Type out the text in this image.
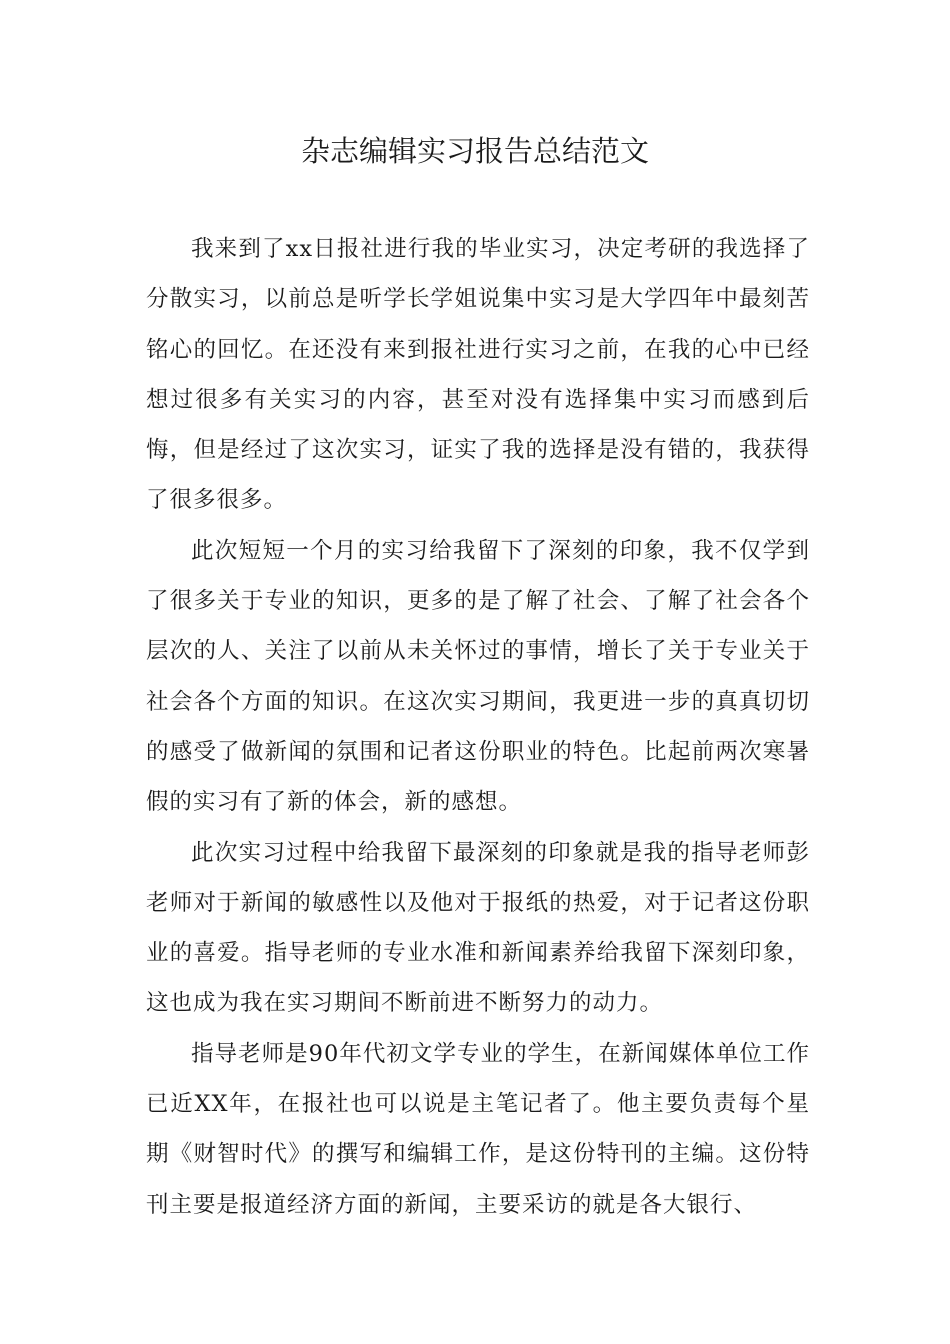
杂志编辑实习报告总结范文

我来到了xx日报社进行我的毕业实习，决定考研的我选择了分散实习，以前总是听学长学姐说集中实习是大学四年中最刻苦铭心的回忆。在还没有来到报社进行实习之前，在我的心中已经想过很多有关实习的内容，甚至对没有选择集中实习而感到后悔，但是经过了这次实习，证实了我的选择是没有错的，我获得了很多很多。

此次短短一个月的实习给我留下了深刻的印象，我不仅学到了很多关于专业的知识，更多的是了解了社会、了解了社会各个层次的人、关注了以前从未关怀过的事情，增长了关于专业关于社会各个方面的知识。在这次实习期间，我更进一步的真真切切的感受了做新闻的氛围和记者这份职业的特色。比起前两次寒暑假的实习有了新的体会，新的感想。

此次实习过程中给我留下最深刻的印象就是我的指导老师彭老师对于新闻的敏感性以及他对于报纸的热爱，对于记者这份职业的喜爱。指导老师的专业水准和新闻素养给我留下深刻印象，这也成为我在实习期间不断前进不断努力的动力。

指导老师是90年代初文学专业的学生，在新闻媒体单位工作已近XX年，在报社也可以说是主笔记者了。他主要负责每个星期《财智时代》的撰写和编辑工作，是这份特刊的主编。这份特刊主要是报道经济方面的新闻，主要采访的就是各大银行、
